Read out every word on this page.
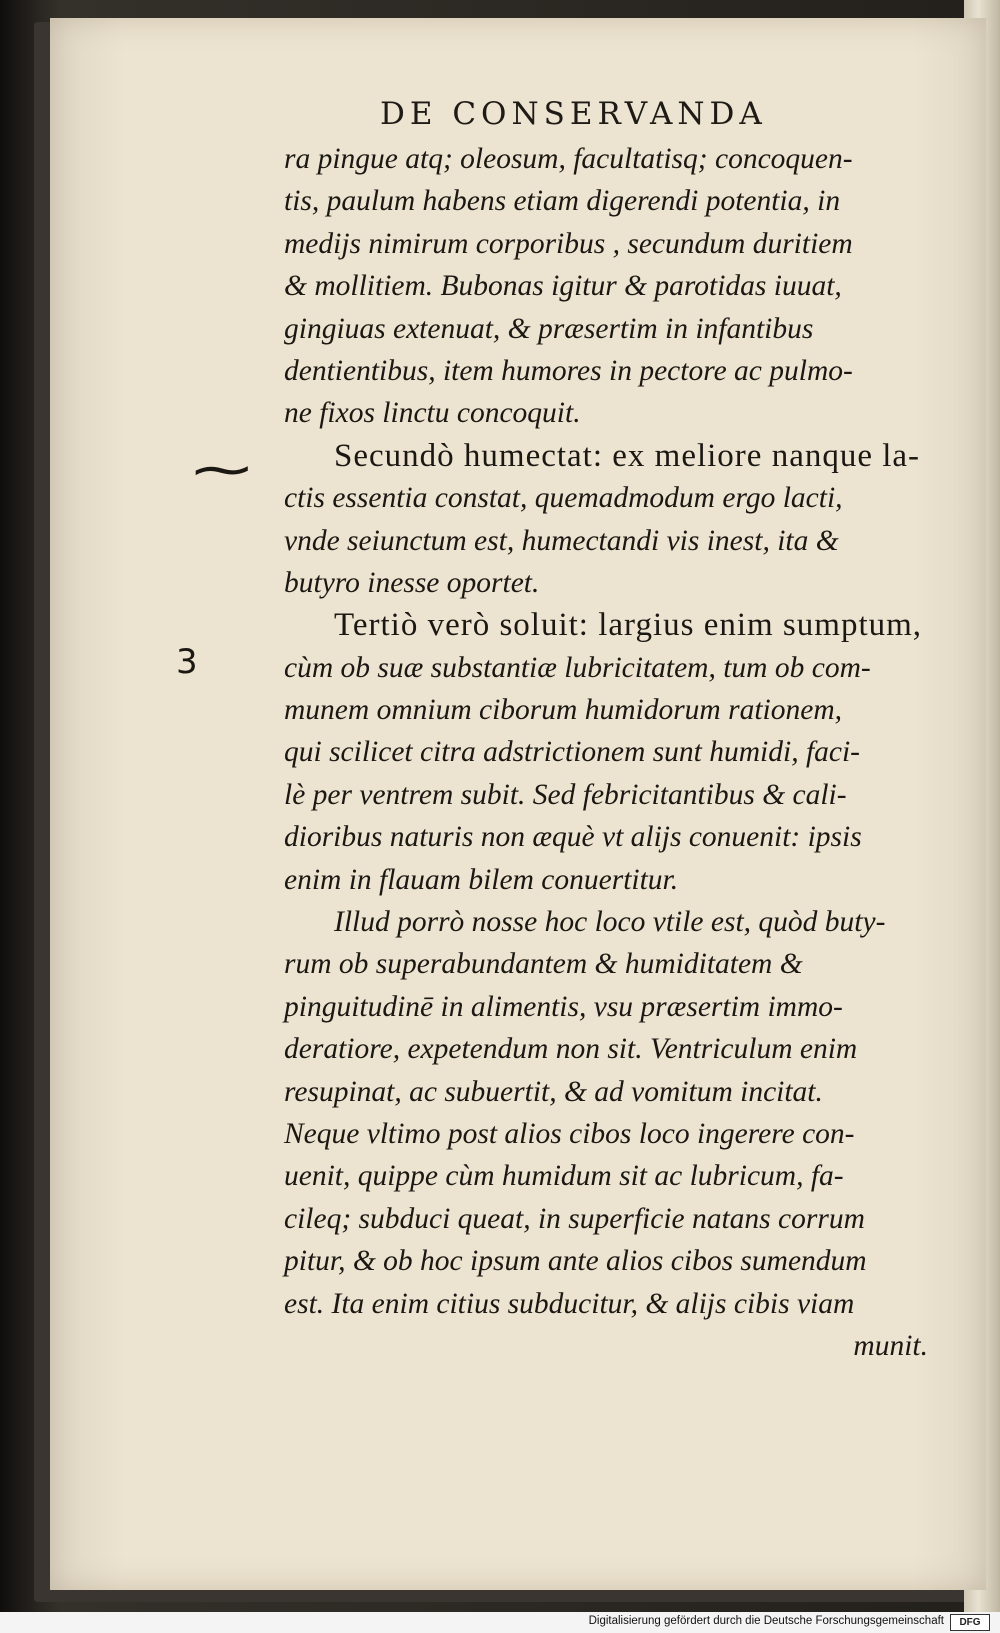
DE CONSERVANDA
~
3
ra pingue atq; oleosum, facultatisq; concoquen-
tis, paulum habens etiam digerendi potentia, in
medijs nimirum corporibus , secundum duritiem
& mollitiem. Bubonas igitur & parotidas iuuat,
gingiuas extenuat, & præsertim in infantibus
dentientibus, item humores in pectore ac pulmo-
ne fixos linctu concoquit.
Secundò humectat: ex meliore nanque la-
ctis essentia constat, quemadmodum ergo lacti,
vnde seiunctum est, humectandi vis inest, ita &
butyro inesse oportet.
Tertiò verò soluit: largius enim sumptum,
cùm ob suæ substantiæ lubricitatem, tum ob com-
munem omnium ciborum humidorum rationem,
qui scilicet citra adstrictionem sunt humidi, faci-
lè per ventrem subit. Sed febricitantibus & cali-
dioribus naturis non æquè vt alijs conuenit: ipsis
enim in flauam bilem conuertitur.
Illud porrò nosse hoc loco vtile est, quòd buty-
rum ob superabundantem & humiditatem &
pinguitudinē in alimentis, vsu præsertim immo-
deratiore, expetendum non sit. Ventriculum enim
resupinat, ac subuertit, & ad vomitum incitat.
Neque vltimo post alios cibos loco ingerere con-
uenit, quippe cùm humidum sit ac lubricum, fa-
cileq; subduci queat, in superficie natans corrum
pitur, & ob hoc ipsum ante alios cibos sumendum
est. Ita enim citius subducitur, & alijs cibis viam
munit.
Digitalisierung gefördert durch die Deutsche Forschungsgemeinschaft	DFG
